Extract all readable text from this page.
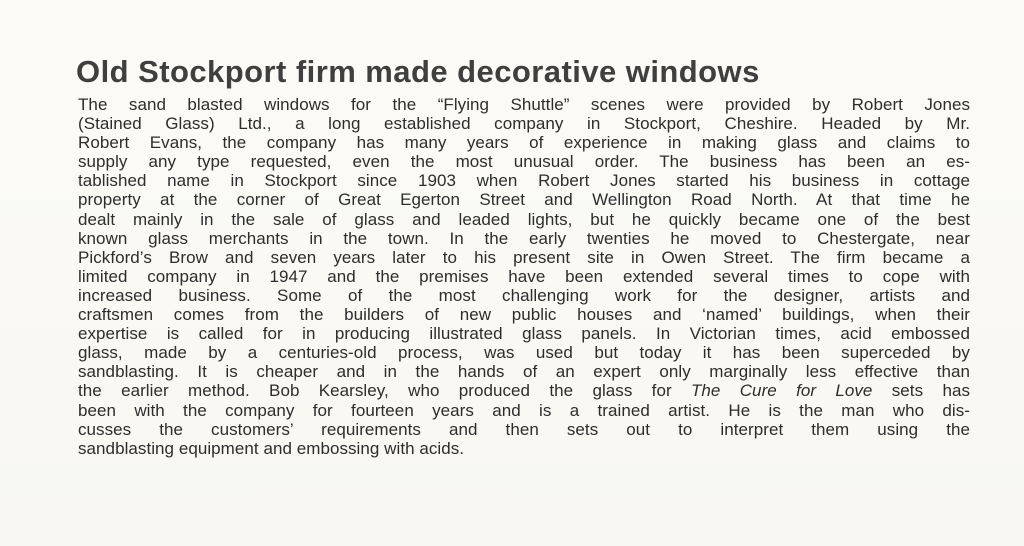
Old Stockport firm made decorative windows
The sand blasted windows for the “Flying Shuttle” scenes were provided by Robert Jones
(Stained Glass) Ltd., a long established company in Stockport, Cheshire. Headed by Mr.
Robert Evans, the company has many years of experience in making glass and claims to
supply any type requested, even the most unusual order. The business has been an es-
tablished name in Stockport since 1903 when Robert Jones started his business in cottage
property at the corner of Great Egerton Street and Wellington Road North. At that time he
dealt mainly in the sale of glass and leaded lights, but he quickly became one of the best
known glass merchants in the town. In the early twenties he moved to Chestergate, near
Pickford’s Brow and seven years later to his present site in Owen Street. The firm became a
limited company in 1947 and the premises have been extended several times to cope with
increased business. Some of the most challenging work for the designer, artists and
craftsmen comes from the builders of new public houses and ‘named’ buildings, when their
expertise is called for in producing illustrated glass panels. In Victorian times, acid embossed
glass, made by a centuries-old process, was used but today it has been superceded by
sandblasting. It is cheaper and in the hands of an expert only marginally less effective than
the earlier method. Bob Kearsley, who produced the glass for The Cure for Love sets has
been with the company for fourteen years and is a trained artist. He is the man who dis-
cusses the customers’ requirements and then sets out to interpret them using the
sandblasting equipment and embossing with acids.
